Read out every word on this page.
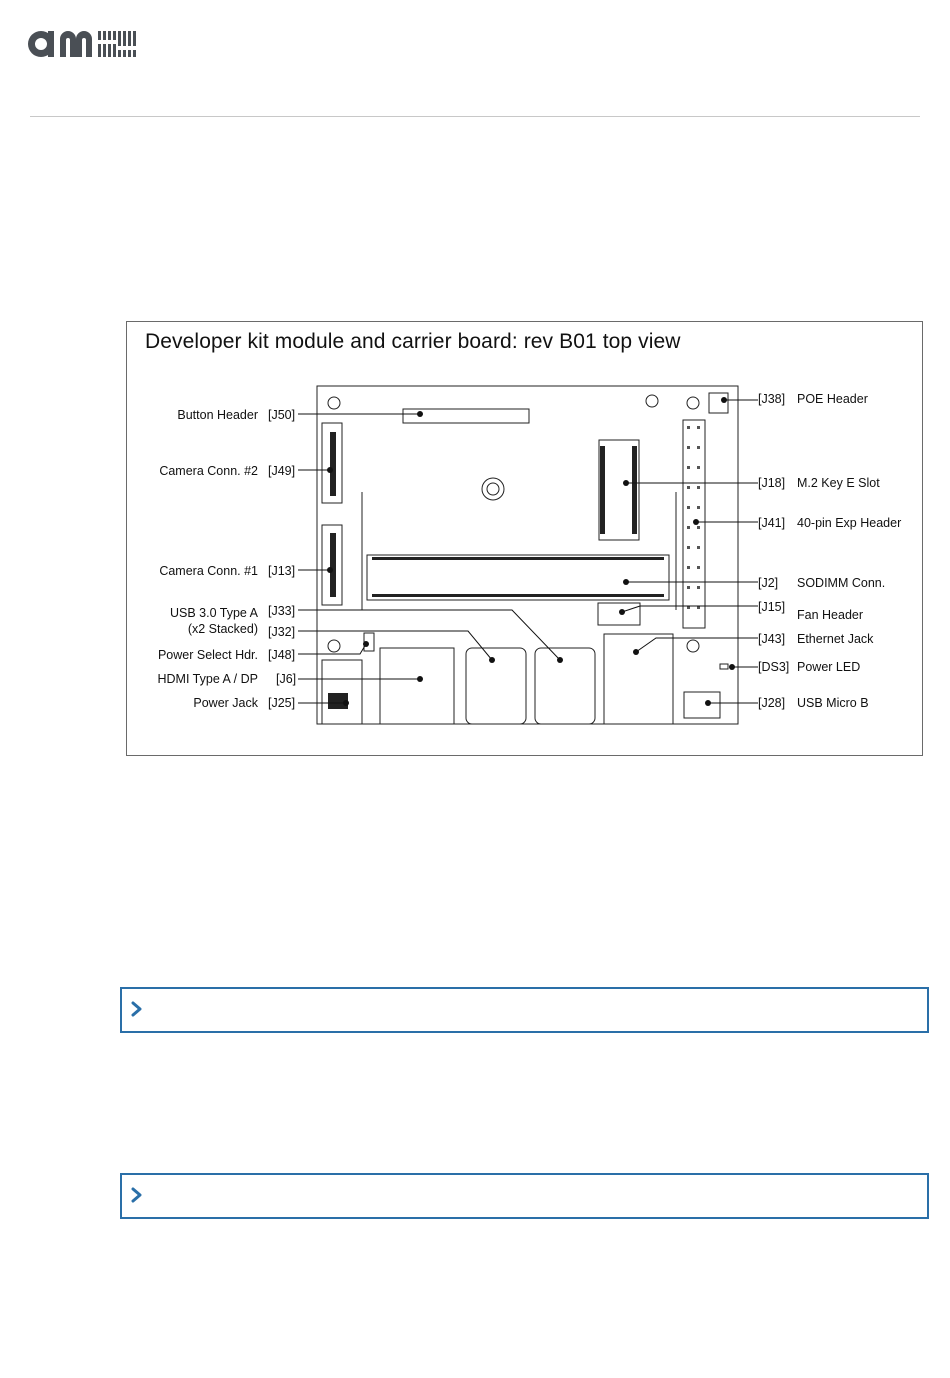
Developer kit module and carrier board: rev B01 top view
Button Header [J50]
Camera Conn. #2 [J49]
Camera Conn. #1 [J13]
USB 3.0 Type A [J33]
(x2 Stacked) [J32]
Power Select Hdr. [J48]
HDMI Type A / DP [J6]
Power Jack [J25]
[J38] POE Header
[J18] M.2 Key E Slot
[J41] 40-pin Exp Header
[J2] SODIMM Conn.
[J15]
Fan Header
[J43] Ethernet Jack
[DS3] Power LED
[J28] USB Micro B
